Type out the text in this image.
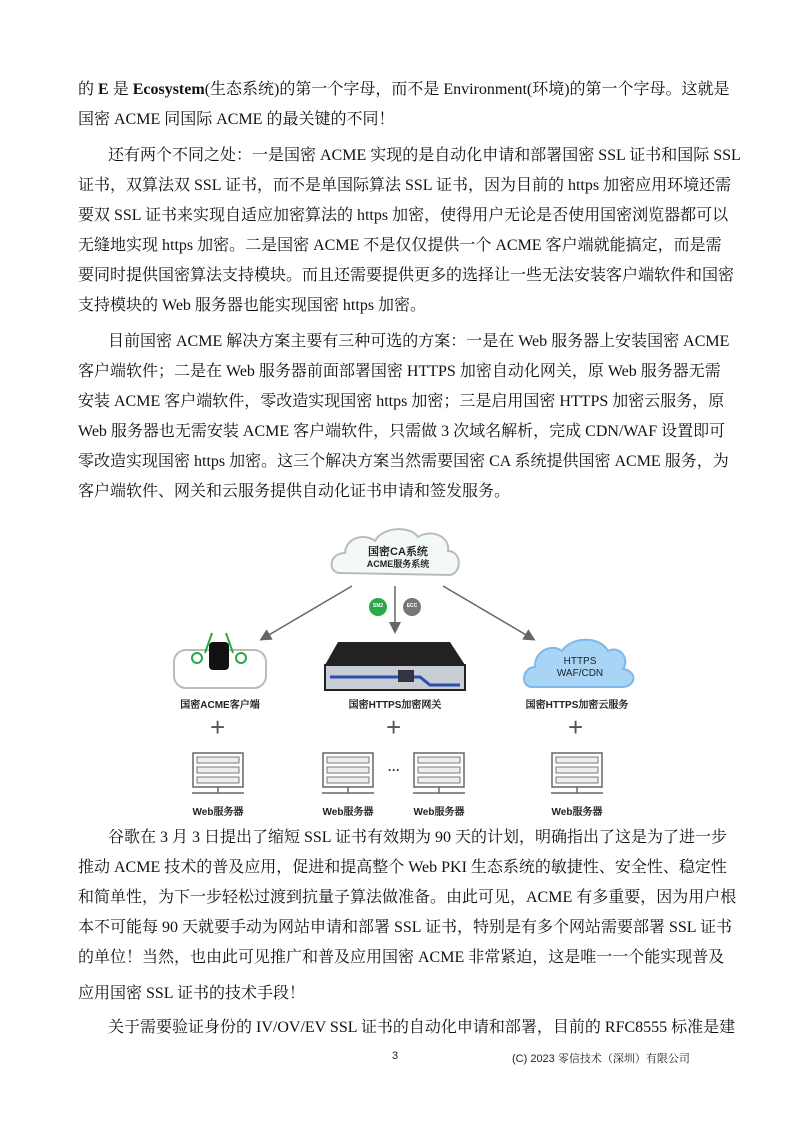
的 E 是 Ecosystem(生态系统)的第一个字母，而不是 Environment(环境)的第一个字母。这就是
国密 ACME 同国际 ACME 的最关键的不同！
还有两个不同之处：一是国密 ACME 实现的是自动化申请和部署国密 SSL 证书和国际 SSL
证书，双算法双 SSL 证书，而不是单国际算法 SSL 证书，因为目前的 https 加密应用环境还需
要双 SSL 证书来实现自适应加密算法的 https 加密，使得用户无论是否使用国密浏览器都可以
无缝地实现 https 加密。二是国密 ACME 不是仅仅提供一个 ACME 客户端就能搞定，而是需
要同时提供国密算法支持模块。而且还需要提供更多的选择让一些无法安装客户端软件和国密
支持模块的 Web 服务器也能实现国密 https 加密。
目前国密 ACME 解决方案主要有三种可选的方案：一是在 Web 服务器上安装国密 ACME
客户端软件；二是在 Web 服务器前面部署国密 HTTPS 加密自动化网关，原 Web 服务器无需
安装 ACME 客户端软件，零改造实现国密 https 加密；三是启用国密 HTTPS 加密云服务，原
Web 服务器也无需安装 ACME 客户端软件，只需做 3 次域名解析，完成 CDN/WAF 设置即可
零改造实现国密 https 加密。这三个解决方案当然需要国密 CA 系统提供国密 ACME 服务，为
客户端软件、网关和云服务提供自动化证书申请和签发服务。
国密CA系统
ACME服务系统
SM2	ECC
HTTPS
WAF/CDN
国密ACME客户端	国密HTTPS加密网关	国密HTTPS加密云服务
+	+	+
···
Web服务器	Web服务器	Web服务器	Web服务器
谷歌在 3 月 3 日提出了缩短 SSL 证书有效期为 90 天的计划，明确指出了这是为了进一步
推动 ACME 技术的普及应用，促进和提高整个 Web PKI 生态系统的敏捷性、安全性、稳定性
和简单性，为下一步轻松过渡到抗量子算法做准备。由此可见，ACME 有多重要，因为用户根
本不可能每 90 天就要手动为网站申请和部署 SSL 证书，特别是有多个网站需要部署 SSL 证书
的单位！当然，也由此可见推广和普及应用国密 ACME 非常紧迫，这是唯一一个能实现普及
应用国密 SSL 证书的技术手段！
关于需要验证身份的 IV/OV/EV SSL 证书的自动化申请和部署，目前的 RFC8555 标准是建
3	(C) 2023 零信技术（深圳）有限公司
